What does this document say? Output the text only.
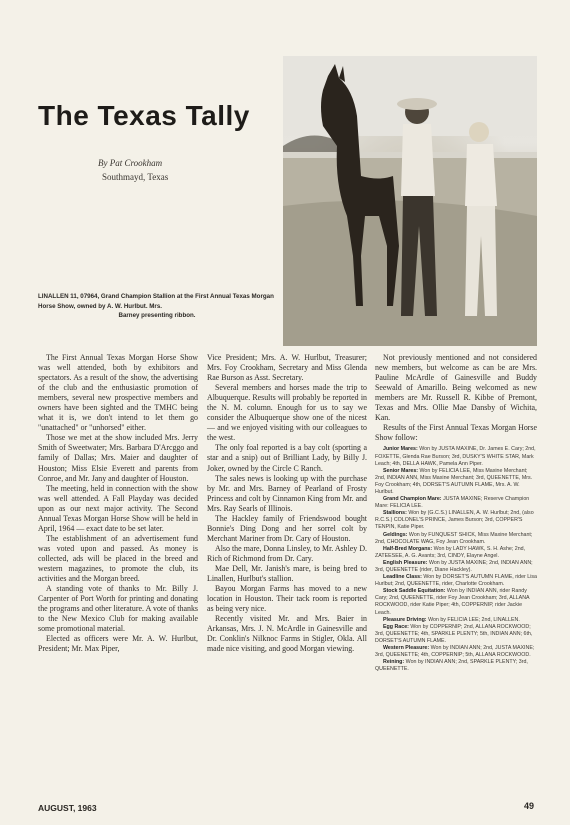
The Texas Tally
By Pat Crookham
Southmayd, Texas
LINALLEN 11, 07964, Grand Champion Stallion at the First Annual Texas Morgan Horse Show, owned by A. W. Hurlbut. Mrs.
Barney presenting ribbon.

The First Annual Texas Morgan Horse Show was well attended, both by exhibitors and spectators. As a result of the show, the advertising of the club and the enthusiastic promotion of members, several new prospective members and owners have been sighted and the TMHC being what it is, we don't intend to let them go "unattached" or "unhorsed" either.

Those we met at the show included Mrs. Jerry Smith of Sweetwater; Mrs. Barbara D'Arcggo and family of Dallas; Mrs. Maier and daughter of Houston; Miss Elsie Everett and parents from Conroe, and Mr. Jany and daughter of Houston.

The meeting, held in connection with the show was well attended. A Fall Playday was decided upon as our next major activity. The Second Annual Texas Morgan Horse Show will be held in April, 1964 — exact date to be set later.

The establishment of an advertisement fund was voted upon and passed. As money is collected, ads will be placed in the breed and western magazines, to promote the club, its activities and the Morgan breed.

A standing vote of thanks to Mr. Billy J. Carpenter of Port Worth for printing and donating the programs and other literature. A vote of thanks to the New Mexico Club for making available some promotional material.

Elected as officers were Mr. A. W. Hurlbut, President; Mr. Max Piper,

Vice President; Mrs. A. W. Hurlbut, Treasurer; Mrs. Foy Crookham, Secretary and Miss Glenda Rae Burson as Asst. Secretary.

Several members and horses made the trip to Albuquerque. Results will probably be reported in the N. M. column. Enough for us to say we consider the Albuquerque show one of the nicest — and we enjoyed visiting with our colleagues to the west.

The only foal reported is a bay colt (sporting a star and a snip) out of Brilliant Lady, by Billy J. Joker, owned by the Circle C Ranch.

The sales news is looking up with the purchase by Mr. and Mrs. Barney of Pearland of Frosty Princess and colt by Cinnamon King from Mr. and Mrs. Ray Searls of Illinois.

The Hackley family of Friendswood bought Bonnie's Ding Dong and her sorrel colt by Merchant Mariner from Dr. Cary of Houston.

Also the mare, Donna Linsley, to Mr. Ashley D. Rich of Richmond from Dr. Cary.

Mae Dell, Mr. Janish's mare, is being bred to Linallen, Hurlbut's stallion.

Bayou Morgan Farms has moved to a new location in Houston. Their tack room is reported as being very nice.

Recently visited Mr. and Mrs. Baier in Arkansas, Mrs. J. N. McArdle in Gainesville and Dr. Conklin's Nilknoc Farms in Stigler, Okla. All made nice visiting, and good Morgan viewing.

Not previously mentioned and not considered new members, but welcome as can be are Mrs. Pauline McArdle of Gainesville and Buddy Seewald of Amarillo. Being welcomed as new members are Mr. Russell R. Kibbe of Premont, Texas and Mrs. Ollie Mae Dansby of Wichita, Kan.

Results of the First Annual Texas Morgan Horse Show follow:

Junior Mares: Won by JUSTA MAXINE, Dr. James E. Cary; 2nd, FOXETTE, Glenda Rae Burson; 3rd, DUSKY'S WHITE STAR, Mark Leach; 4th, DELLA HAWK, Pamela Ann Piper.

Senior Mares: Won by FELICIA LEE, Miss Maxine Merchant; 2nd, INDIAN ANN, Miss Maxine Merchant; 3rd, QUEENETTE, Mrs. Foy Crookham; 4th, DORSET'S AUTUMN FLAME, Mrs. A. W. Hurlbut.

Grand Champion Mare: JUSTA MAXINE; Reserve Champion Mare: FELICIA LEE.

Stallions: Won by (G.C.S.) LINALLEN, A. W. Hurlbut; 2nd, (also R.C.S.) COLONEL'S PRINCE, James Burson; 3rd, COPPER'S TENPIN, Katie Piper.

Geldings: Won by FUNQUEST SHICK, Miss Maxine Merchant; 2nd, CHOCOLATE WAG, Foy Jean Crookham.

Half-Bred Morgans: Won by LADY HAWK, S. H. Ashe; 2nd, ZATEESEE, A. G. Avants; 3rd, CINDY, Elayne Angel.

English Pleasure: Won by JUSTA MAXINE; 2nd, INDIAN ANN; 3rd, QUEENETTE (rider, Diane Hackley).

Leadline Class: Won by DORSET'S AUTUMN FLAME, rider Lisa Hurlbut; 2nd, QUEENETTE, rider, Charlotte Crookham.

Stock Saddle Equitation: Won by INDIAN ANN, rider Randy Cary; 2nd, QUEENETTE, rider Foy Jean Crookham; 3rd, ALLANA ROCKWOOD, rider Katie Piper; 4th, COPPERNIP, rider Jackie Leach.

Pleasure Driving: Won by FELICIA LEE; 2nd, LINALLEN.

Egg Race: Won by COPPERNIP; 2nd, ALLANA ROCKWOOD; 3rd, QUEENETTE; 4th, SPARKLE PLENTY; 5th, INDIAN ANN; 6th, DORSET'S AUTUMN FLAME.

Western Pleasure: Won by INDIAN ANN; 2nd, JUSTA MAXINE; 3rd, QUEENETTE; 4th, COPPERNIP; 5th, ALLANA ROCKWOOD.

Reining: Won by INDIAN ANN; 2nd, SPARKLE PLENTY; 3rd, QUEENETTE.

AUGUST, 1963	49
